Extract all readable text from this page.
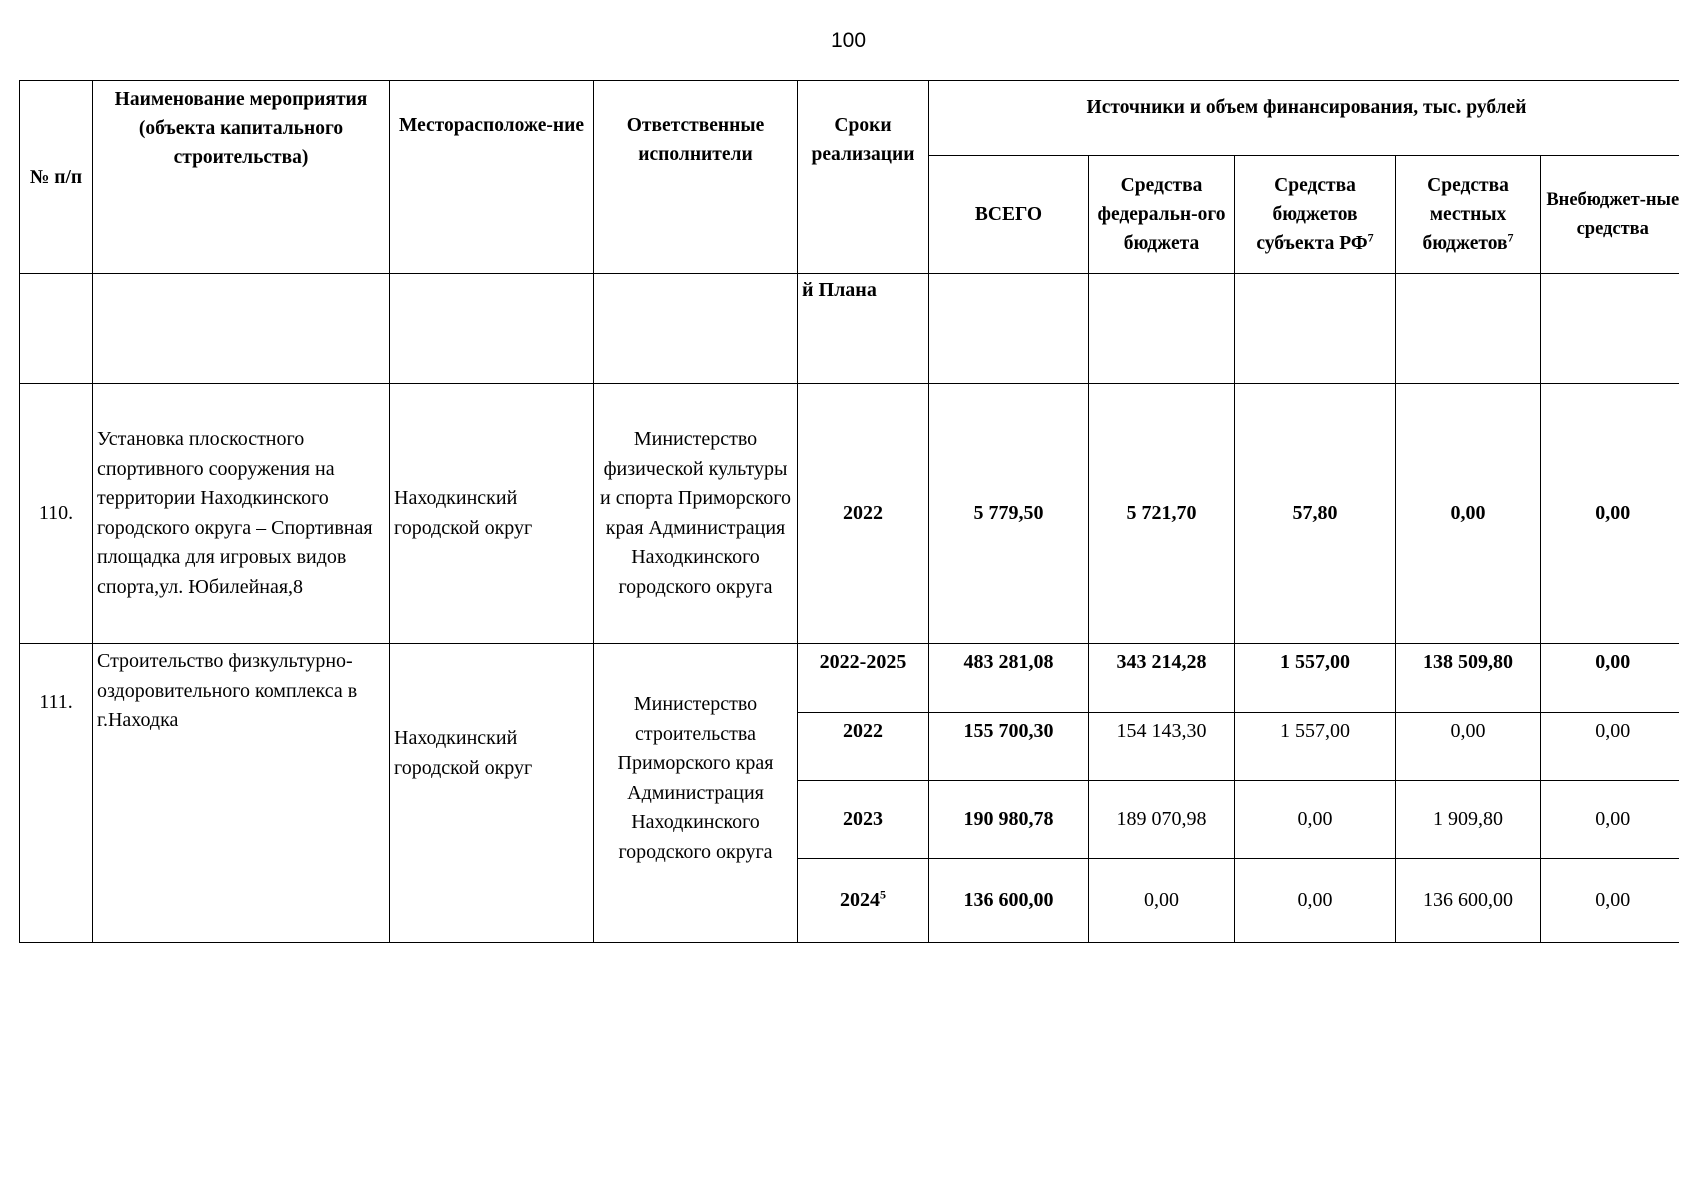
100
№ п/п	Наименование мероприятия (объекта капитального строительства)	Месторасположе-ние	Ответственные исполнители	Сроки реализации	Источники и объем финансирования, тыс. рублей				
					ВСЕГО	Средства федеральн-ого бюджета	Средства бюджетов субъекта $РФ^7$	Средства местных бюджетов$^7$	Внебюджет-ные средства
				й Плана					
110.	Установка плоскостного спортивного сооружения на территории Находкинского городского округа – Спортивная площадка для игровых видов спорта,ул. Юбилейная,8	Находкинский городской округ	Министерство физической культуры и спорта Приморского края Администрация Находкинского городского округа	2022	5 779,50	5 721,70	57,80	0,00	0,00
111.	Строительство физкультурно-оздоровительного комплекса в г.Находка	Находкинский городской округ	Министерство строительства Приморского края Администрация Находкинского городского округа	2022-2025	483 281,08	343 214,28	1 557,00	138 509,80	0,00
				2022	155 700,30	154 143,30	1 557,00	0,00	0,00
				2023	190 980,78	189 070,98	0,00	1 909,80	0,00
				2024$^5$	136 600,00	0,00	0,00	136 600,00	0,00
